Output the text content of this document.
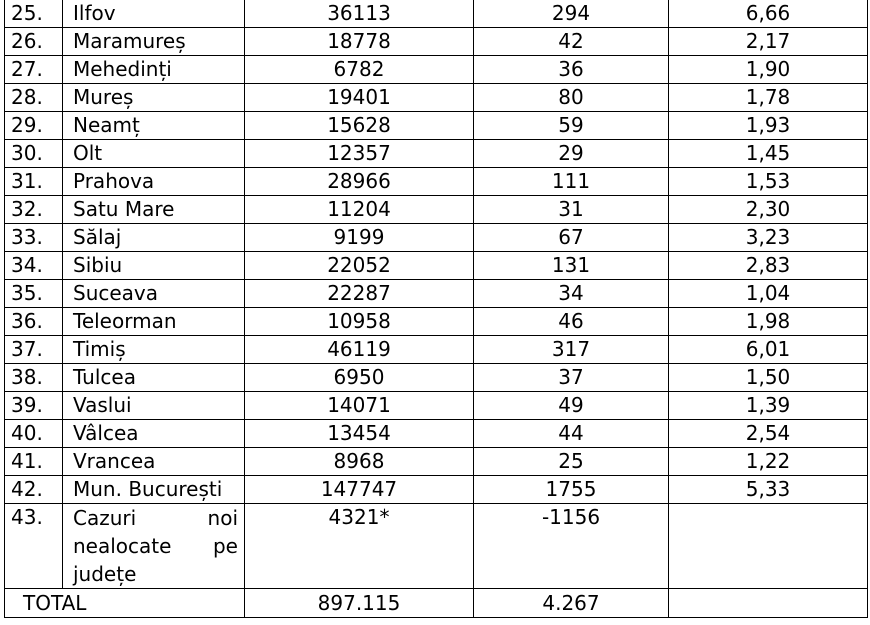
25.	Ilfov	36113	294	6,66
26.	Maramureș	18778	42	2,17
27.	Mehedinți	6782	36	1,90
28.	Mureș	19401	80	1,78
29.	Neamț	15628	59	1,93
30.	Olt	12357	29	1,45
31.	Prahova	28966	111	1,53
32.	Satu Mare	11204	31	2,30
33.	Sălaj	9199	67	3,23
34.	Sibiu	22052	131	2,83
35.	Suceava	22287	34	1,04
36.	Teleorman	10958	46	1,98
37.	Timiș	46119	317	6,01
38.	Tulcea	6950	37	1,50
39.	Vaslui	14071	49	1,39
40.	Vâlcea	13454	44	2,54
41.	Vrancea	8968	25	1,22
42.	Mun. București	147747	1755	5,33
43.	Cazuri noi nealocate pe județe	4321*	-1156	
TOTAL		897.115	4.267	
